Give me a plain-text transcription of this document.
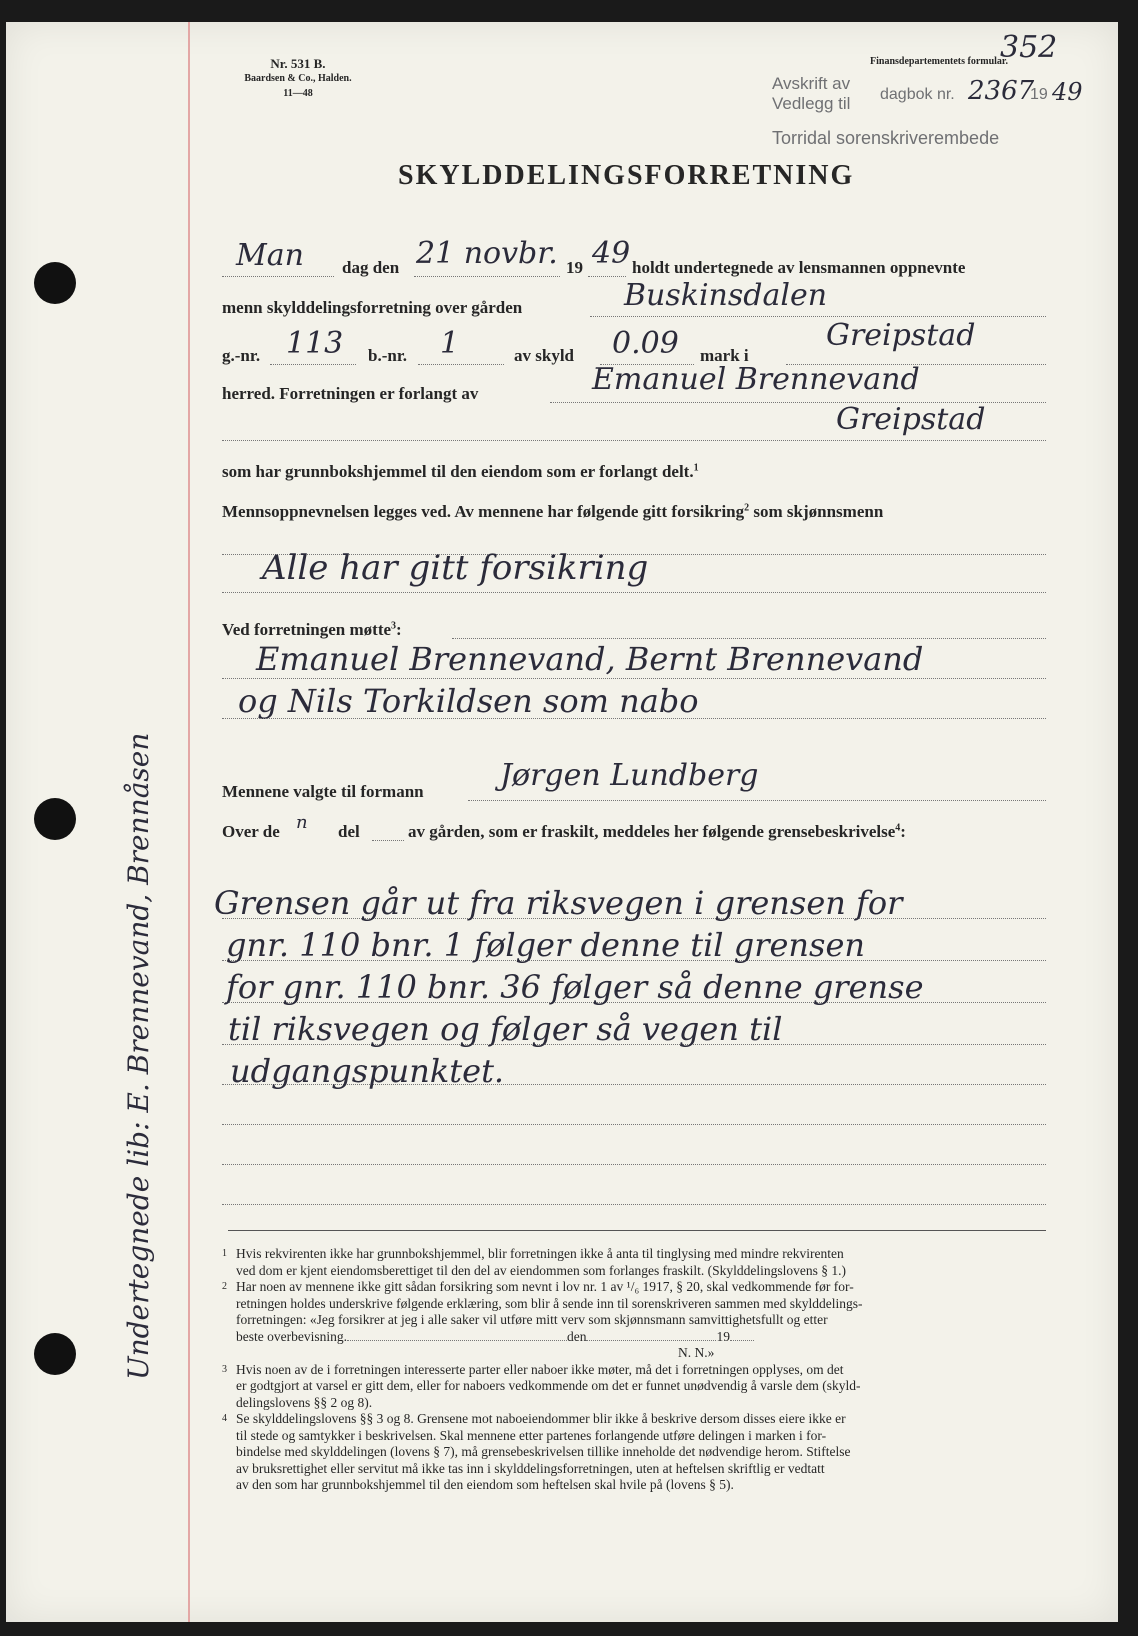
Undertegnede lib: E. Brennevand, Brennåsen
Nr. 531 B.
Baardsen & Co., Halden.
11—48
Finansdepartementets formular.
352
Avskrift av
Vedlegg til dagbok nr. 2367
19 49
Torridal sorenskriverembede
SKYLDDELINGSFORRETNING
Man dag den 21 novbr. 19 49 holdt undertegnede av lensmannen oppnevnte
menn skylddelingsforretning over gården	Buskinsdalen
g.-nr. 113 b.-nr. 1	av skyld 0.09 mark i
Greipstad
herred. Forretningen er forlangt av	Emanuel Brennevand
Greipstad
som har grunnbokshjemmel til den eiendom som er forlangt delt.$^1$
Mennsoppnevnelsen legges ved. Av mennene har følgende gitt forsikring$^2$ som skjønnsmenn
Alle har gitt forsikring
Ved forretningen møtte$^3$:
Emanuel Brennevand, Bernt Brennevand
og Nils Torkildsen som nabo
Mennene valgte til formann	Jørgen Lundberg
Over de n del	av gården, som er fraskilt, meddeles her følgende grensebeskrivelse$^4$:
Grensen går ut fra riksvegen i grensen for
gnr. 110 bnr. 1 følger denne til grensen
for gnr. 110 bnr. 36 følger så denne grense
til riksvegen og følger så vegen til
udgangspunktet.
1 Hvis rekvirenten ikke har grunnbokshjemmel, blir forretningen ikke å anta til tinglysing med mindre rekvirenten
ved dom er kjent eiendomsberettiget til den del av eiendommen som forlanges fraskilt. (Skylddelingslovens § 1.)
2 Har noen av mennene ikke gitt sådan forsikring som nevnt i lov nr. 1 av ¹/₆ 1917, § 20, skal vedkommende før for-
retningen holdes underskrive følgende erklæring, som blir å sende inn til sorenskriveren sammen med skylddelings-
forretningen: «Jeg forsikrer at jeg i alle saker vil utføre mitt verv som skjønnsmann samvittighetsfullt og etter
beste overbevisning.	den	19
N. N.»
3 Hvis noen av de i forretningen interesserte parter eller naboer ikke møter, må det i forretningen opplyses, om det
er godtgjort at varsel er gitt dem, eller for naboers vedkommende om det er funnet unødvendig å varsle dem (skyld-
delingslovens §§ 2 og 8).
4 Se skylddelingslovens §§ 3 og 8. Grensene mot naboeiendommer blir ikke å beskrive dersom disses eiere ikke er
til stede og samtykker i beskrivelsen. Skal mennene etter partenes forlangende utføre delingen i marken i for-
bindelse med skylddelingen (lovens § 7), må grensebeskrivelsen tillike inneholde det nødvendige herom. Stiftelse
av bruksrettighet eller servitut må ikke tas inn i skylddelingsforretningen, uten at heftelsen skriftlig er vedtatt
av den som har grunnbokshjemmel til den eiendom som heftelsen skal hvile på (lovens § 5).
